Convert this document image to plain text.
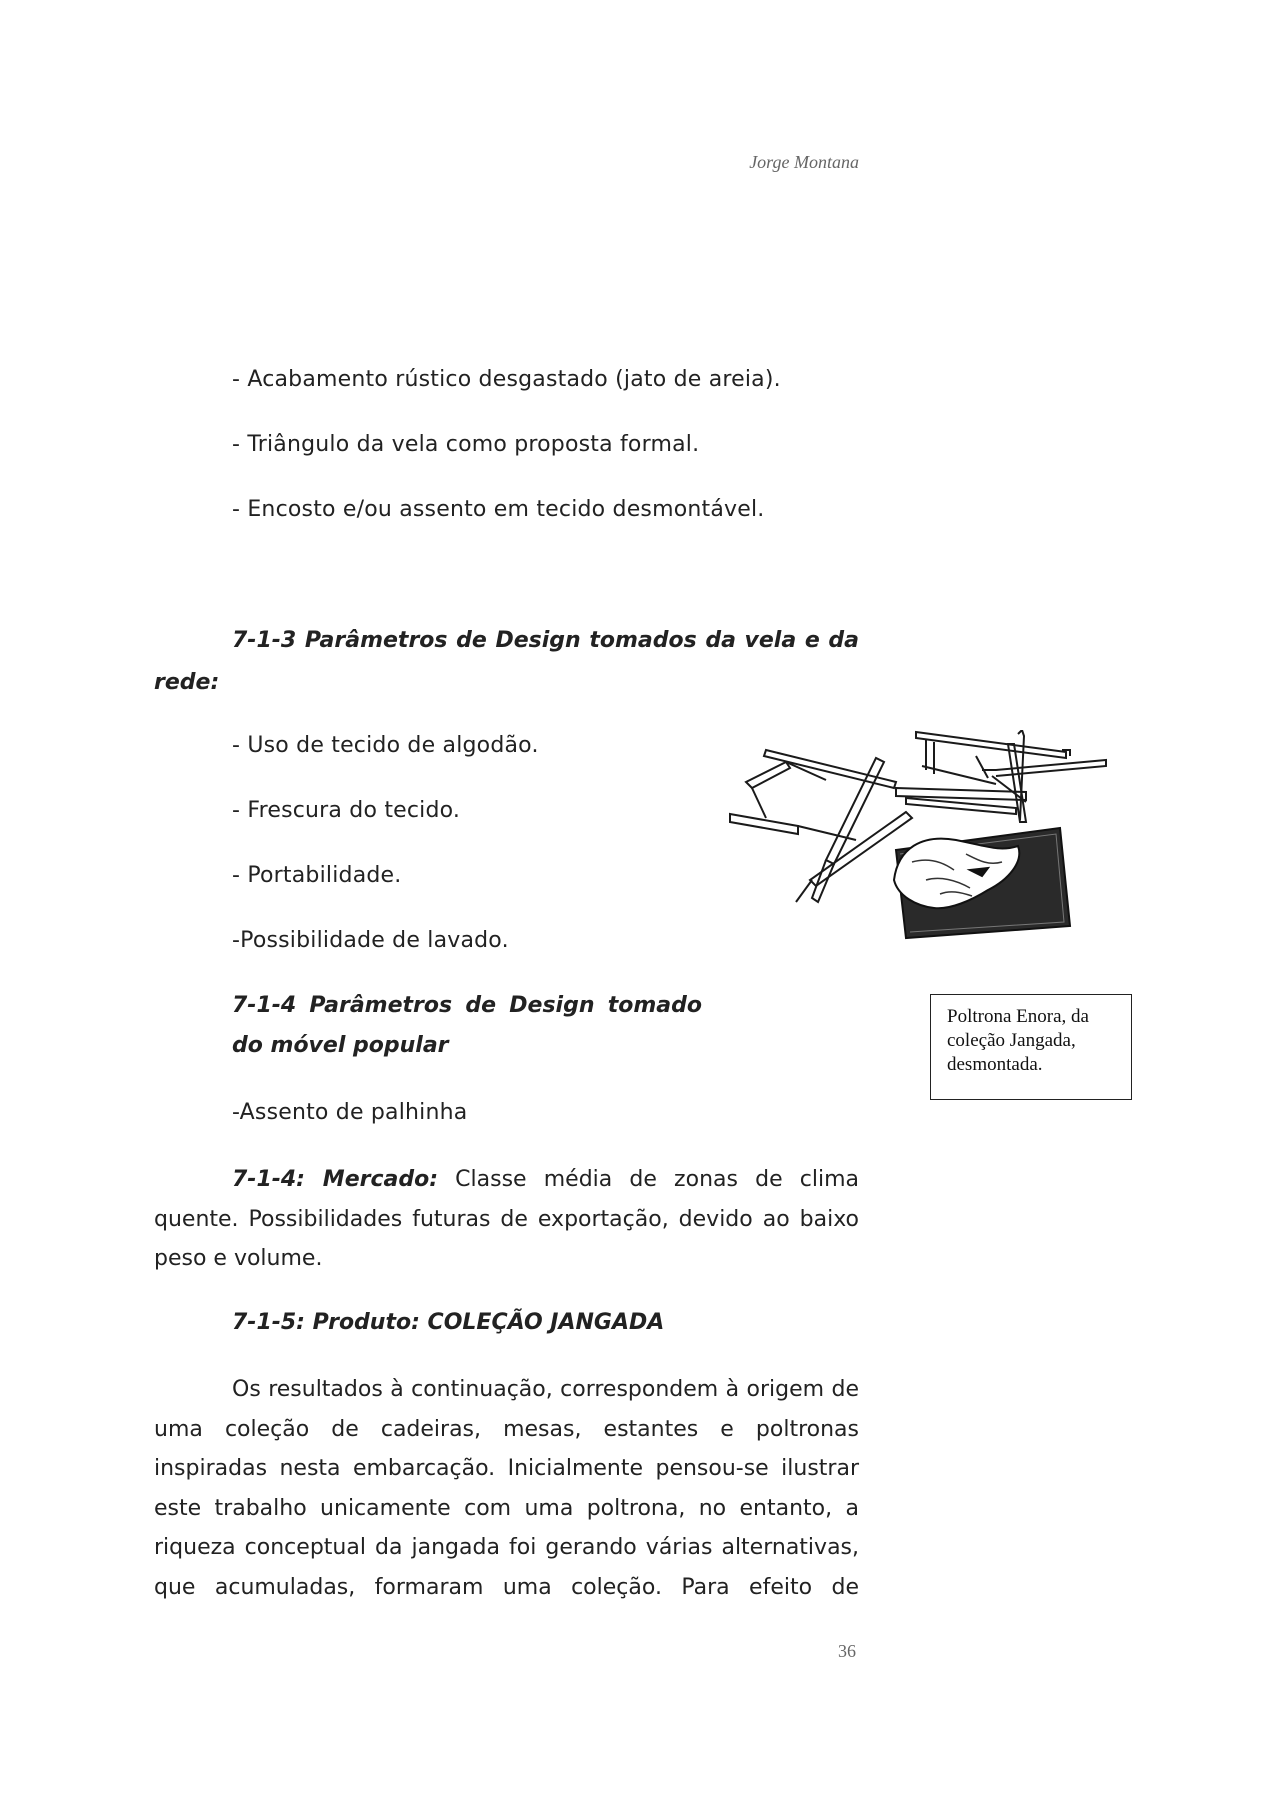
Jorge Montana
- Acabamento rústico desgastado (jato de areia).
- Triângulo da vela como proposta formal.
- Encosto e/ou assento em tecido desmontável.
7-1-3 Parâmetros de Design tomados da vela e da
rede:
- Uso de tecido de algodão.
- Frescura do tecido.
- Portabilidade.
-Possibilidade de lavado.
7-1-4 Parâmetros de Design tomado
do móvel popular
-Assento de palhinha
7-1-4: Mercado: Classe média de zonas de clima quente. Possibilidades futuras de exportação, devido ao baixo peso e volume.
7-1-5: Produto: COLEÇÃO JANGADA
Os resultados à continuação, correspondem à origem de uma coleção de cadeiras, mesas, estantes e poltronas inspiradas nesta embarcação. Inicialmente pensou-se ilustrar este trabalho unicamente com uma poltrona, no entanto, a riqueza conceptual da jangada foi gerando várias alternativas, que acumuladas, formaram uma coleção. Para efeito de
Poltrona Enora, da coleção Jangada, desmontada.
36
